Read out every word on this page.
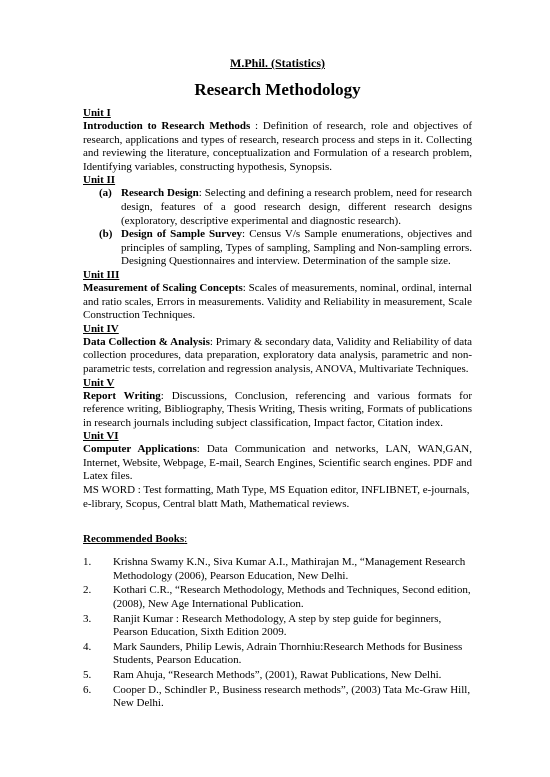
M.Phil. (Statistics)
Research Methodology
Unit I

Introduction to Research Methods : Definition of research, role and objectives of research, applications and types of research, research process and steps in it. Collecting and reviewing the literature, conceptualization and Formulation of a research problem, Identifying variables, constructing hypothesis, Synopsis.

Unit II
(a) Research Design: Selecting and defining a research problem, need for research design, features of a good research design, different research designs (exploratory, descriptive experimental and diagnostic research).
(b) Design of Sample Survey: Census V/s Sample enumerations, objectives and principles of sampling, Types of sampling, Sampling and Non-sampling errors. Designing Questionnaires and interview. Determination of the sample size.
Unit III

Measurement of Scaling Concepts: Scales of measurements, nominal, ordinal, internal and ratio scales, Errors in measurements. Validity and Reliability in measurement, Scale Construction Techniques.

Unit IV

Data Collection & Analysis: Primary & secondary data, Validity and Reliability of data collection procedures, data preparation, exploratory data analysis, parametric and non-parametric tests, correlation and regression analysis, ANOVA, Multivariate Techniques.

Unit V

Report Writing: Discussions, Conclusion, referencing and various formats for reference writing, Bibliography, Thesis Writing, Thesis writing, Formats of publications in research journals including subject classification, Impact factor, Citation index.

Unit VI

Computer Applications: Data Communication and networks, LAN, WAN,GAN, Internet, Website, Webpage, E-mail, Search Engines, Scientific search engines. PDF and Latex files.

MS WORD : Test formatting, Math Type, MS Equation editor, INFLIBNET, e-journals, e-library, Scopus, Central blatt Math, Mathematical reviews.

Recommended Books:
1.	Krishna Swamy K.N., Siva Kumar A.I., Mathirajan M., “Management Research Methodology (2006), Pearson Education, New Delhi.
2.	Kothari C.R., “Research Methodology, Methods and Techniques, Second edition, (2008), New Age International Publication.
3.	Ranjit Kumar : Research Methodology, A step by step guide for beginners, Pearson Education, Sixth Edition 2009.
4.	Mark Saunders, Philip Lewis, Adrain Thornhiu:Research Methods for Business Students, Pearson Education.
5.	Ram Ahuja, “Research Methods”, (2001), Rawat Publications, New Delhi.
6.	Cooper D., Schindler P., Business research methods”, (2003) Tata Mc-Graw Hill, New Delhi.
